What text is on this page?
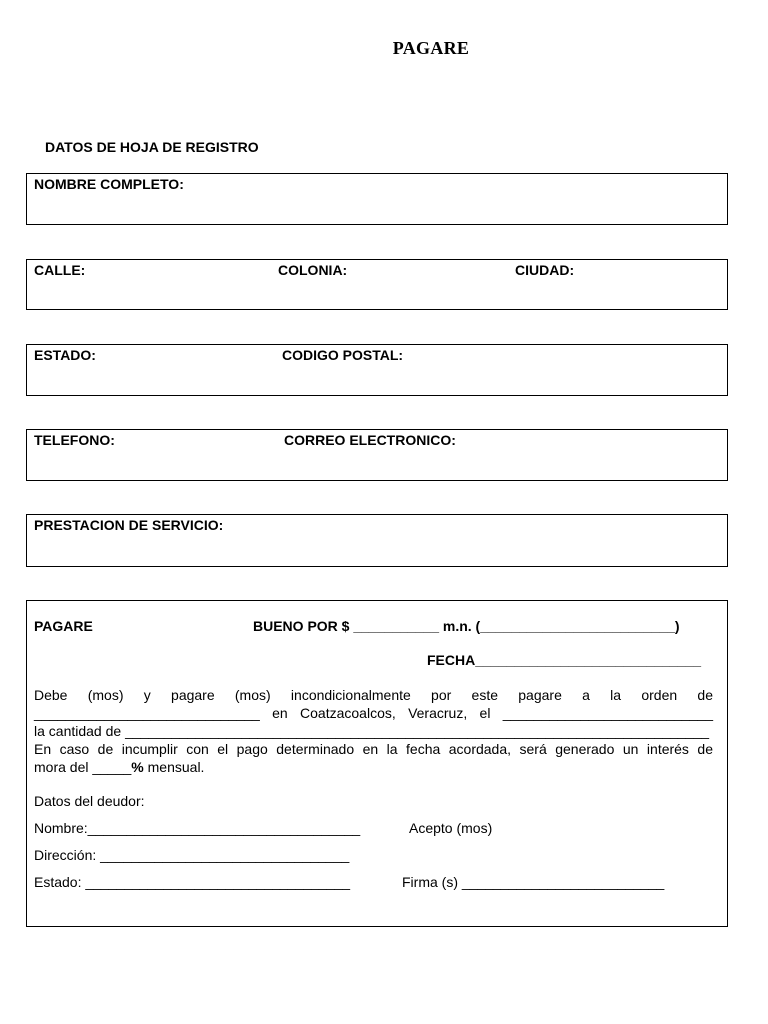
PAGARE
DATOS DE HOJA DE REGISTRO
NOMBRE COMPLETO:
CALLE:	COLONIA:	CIUDAD:
ESTADO:	CODIGO POSTAL:
TELEFONO:	CORREO ELECTRONICO:
PRESTACION DE SERVICIO:
PAGARE	BUENO POR $ ___________ m.n. (_________________________)
FECHA_____________________________
Debe (mos) y pagare (mos) incondicionalmente por este pagare a la orden de
_____________________________ en Coatzacoalcos, Veracruz, el ___________________________
la cantidad de ___________________________________________________________________________
En caso de incumplir con el pago determinado en la fecha acordada, será generado un interés de
mora del _____% mensual.
Datos del deudor:
Nombre:___________________________________	Acepto (mos)
Dirección: ________________________________
Estado: __________________________________	Firma (s) __________________________
